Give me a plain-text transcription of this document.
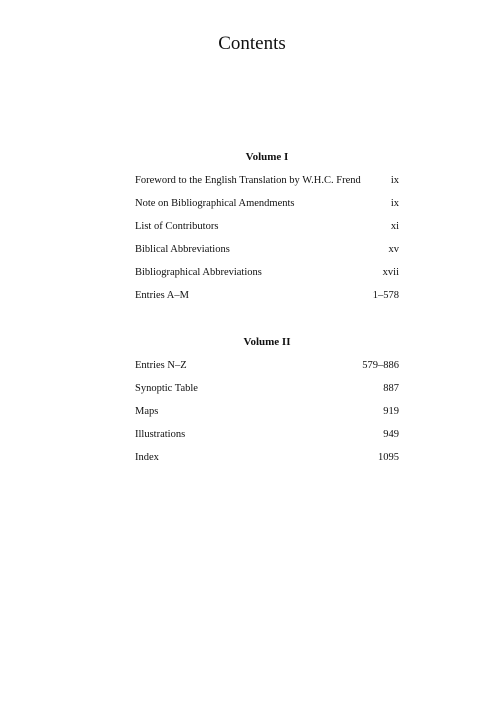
Contents
Volume I
Foreword to the English Translation by W.H.C. Frend	ix
Note on Bibliographical Amendments	ix
List of Contributors	xi
Biblical Abbreviations	xv
Bibliographical Abbreviations	xvii
Entries A–M	1–578
Volume II
Entries N–Z	579–886
Synoptic Table	887
Maps	919
Illustrations	949
Index	1095
